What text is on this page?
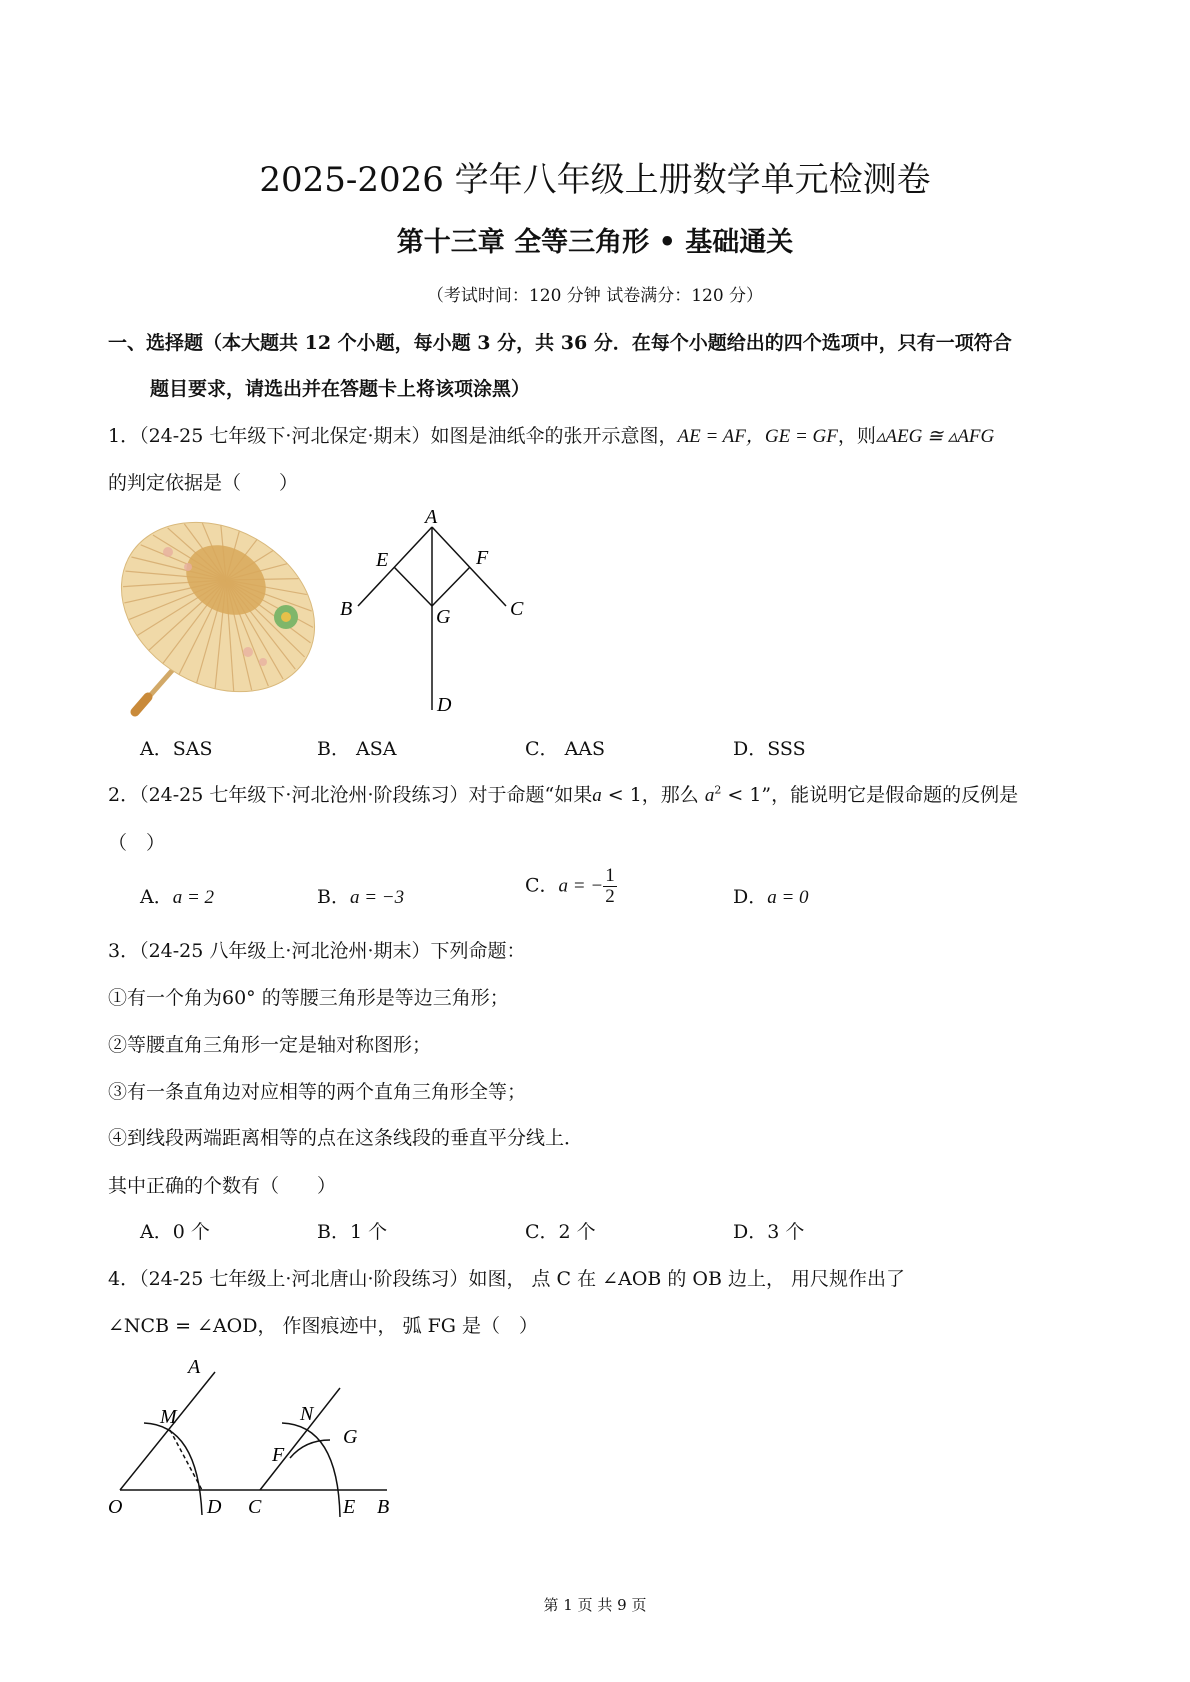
2025-2026 学年八年级上册数学单元检测卷
第十三章 全等三角形 • 基础通关
（考试时间：120 分钟 试卷满分：120 分）
一、选择题（本大题共 12 个小题，每小题 3 分，共 36 分．在每个小题给出的四个选项中，只有一项符合
题目要求，请选出并在答题卡上将该项涂黑）
1．（24-25 七年级下·河北保定·期末）如图是油纸伞的张开示意图，AE = AF，GE = GF，则▵AEG ≅ ▵AFG
的判定依据是（　　）
A
E	F
B	G	C
D
A．SAS	B． ASA	C． AAS	D．SSS
2．（24-25 七年级下·河北沧州·阶段练习）对于命题“如果a < 1，那么 $a^2 < 1$”，能说明它是假命题的反例是
（　）
A．a = 2	B．a = −3
C．a = − $\frac{1}{2}$	D．a = 0
3．（24-25 八年级上·河北沧州·期末）下列命题：
①有一个角为60° 的等腰三角形是等边三角形；
②等腰直角三角形一定是轴对称图形；
③有一条直角边对应相等的两个直角三角形全等；
④到线段两端距离相等的点在这条线段的垂直平分线上．
其中正确的个数有（　　）
A．0 个	B．1 个	C．2 个	D．3 个
4．（24-25 七年级上·河北唐山·阶段练习）如图， 点 C 在 ∠AOB 的 OB 边上， 用尺规作出了
∠NCB = ∠AOD， 作图痕迹中， 弧 FG 是（　）
A
M	N
G
F
O	D C	E B
第 1 页 共 9 页
